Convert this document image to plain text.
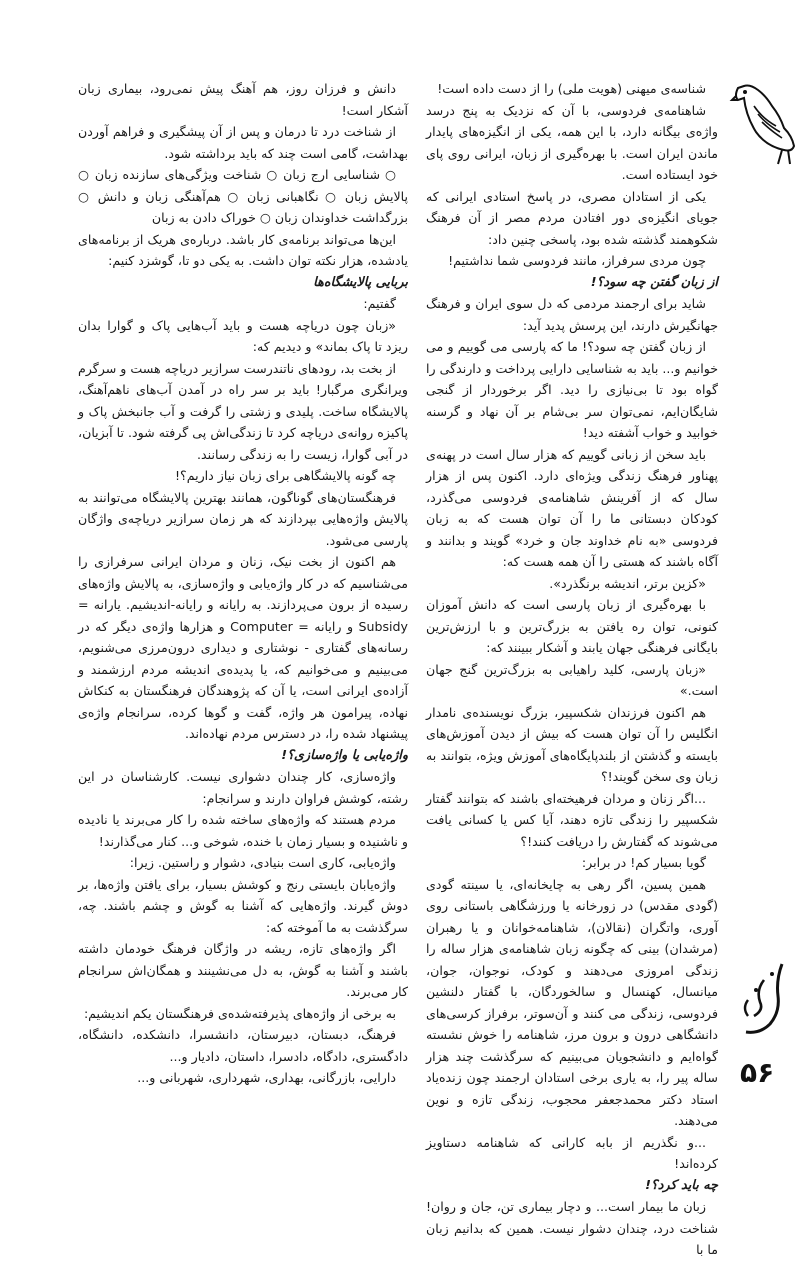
شناسه‌ی میهنی (هویت ملی) را از دست داده است!

شاهنامه‌ی فردوسی، با آن که نزدیک به پنج درسد واژه‌ی بیگانه دارد، با این همه، یکی از انگیزه‌های پایدار ماندن ایران است. با بهره‌گیری از زبان، ایرانی روی پای خود ایستاده است.

یکی از استادان مصری، در پاسخ استادی ایرانی که جویای انگیزه‌ی دور افتادن مردم مصر از آن فرهنگ شکوهمند گذشته شده بود، پاسخی چنین داد:

چون مردی سرفراز، مانند فردوسی شما نداشتیم!

از زبان گفتن چه سود؟!

شاید برای ارجمند مردمی که دل سوی ایران و فرهنگ جهانگیرش دارند، این پرسش پدید آید:

از زبان گفتن چه سود؟! ما که پارسی می گوییم و می خوانیم و... باید به شناسایی دارایی پرداخت و دارندگی را گواه بود تا بی‌نیازی را دید. اگر برخوردار از گنجی شایگان‌ایم، نمی‌توان سر بی‌شام بر آن نهاد و گرسنه خوابید و خواب آشفته دید!

باید سخن از زبانی گوییم که هزار سال است در پهنه‌ی پهناور فرهنگ زندگی ویژه‌ای دارد. اکنون پس از هزار سال که از آفرینش شاهنامه‌ی فردوسی می‌گذرد، کودکان دبستانی ما را آن توان هست که به زبان فردوسی «به نام خداوند جان و خرد» گویند و بدانند و آگاه باشند که هستی را آن همه هست که:

«کزین برتر، اندیشه برنگذرد».

با بهره‌گیری از زبان پارسی است که دانش آموزان کنونی، توان ره یافتن به بزرگ‌ترین و با ارزش‌ترین بایگانی فرهنگی جهان یابند و آشکار ببینند که:

«زبان پارسی، کلید راهیابی به بزرگ‌ترین گنج جهان است.»

هم اکنون فرزندان شکسپیر، بزرگ نویسنده‌ی نامدار انگلیس را آن توان هست که بیش از دیدن آموزش‌های بایسته و گذشتن از بلندپایگاه‌های آموزش ویژه، بتوانند به زبان وی سخن گویند!؟

...اگر زنان و مردان فرهیخته‌ای باشند که بتوانند گفتار شکسپیر را زندگی تازه دهند، آیا کس یا کسانی یافت می‌شوند که گفتارش را دریافت کنند!؟

گویا بسیار کم! در برابر:

همین پسین، اگر رهی به چایخانه‌ای، یا سینته گودی (گودی مقدس) در زورخانه یا ورزشگاهی باستانی روی آوری، واتگران (نقالان)، شاهنامه‌خوانان و یا رهبران (مرشدان) بینی که چگونه زبان شاهنامه‌ی هزار ساله را زندگی امروزی می‌دهند و کودک، نوجوان، جوان، میانسال، کهنسال و سالخوردگان، با گفتار دلنشین فردوسی، زندگی می کنند و آن‌سوتر، برفراز کرسی‌های دانشگاهی درون و برون مرز، شاهنامه را خوش نشسته گواه‌ایم و دانشجویان می‌بینیم که سرگذشت چند هزار ساله پیر را، به یاری برخی استادان ارجمند چون زنده‌یاد استاد دکتر محمدجعفر محجوب، زندگی تازه و نوین می‌دهند.

...و نگذریم از بابه کارانی که شاهنامه دستاویز کرده‌اند!

چه باید کرد؟!

زبان ما بیمار است... و دچار بیماری تن، جان و روان! شناخت درد، چندان دشوار نیست. همین که بدانیم زبان ما با

دانش و فرزان روز، هم آهنگ پیش نمی‌رود، بیماری زبان آشکار است!

از شناخت درد تا درمان و پس از آن پیشگیری و فراهم آوردن بهداشت، گامی است چند که باید برداشته شود.

○ شناسایی ارج زبان ○ شناخت ویژگی‌های سازنده زبان ○ پالایش زبان ○ نگاهبانی زبان ○ هم‌آهنگی زبان و دانش ○ بزرگداشت خداوندان زبان ○ خوراک دادن به زبان

این‌ها می‌تواند برنامه‌ی کار باشد. درباره‌ی هریک از برنامه‌های یادشده، هزار نکته توان داشت. به یکی دو تا، گوشزد کنیم:

بربایی پالایشگاه‌ها

گفتیم:

«زبان چون دریاچه هست و باید آب‌هایی پاک و گوارا بدان ریزد تا پاک بماند» و دیدیم که:

از بخت بد، رودهای ناتندرست سرازیر دریاچه هست و سرگرم ویرانگری مرگبار! باید بر سر راه در آمدن آب‌های ناهم‌آهنگ، پالایشگاه ساخت. پلیدی و زشتی را گرفت و آب جانبخش پاک و پاکیزه روانه‌ی دریاچه کرد تا زندگی‌اش پی گرفته شود. تا آبزیان، در آبی گوارا، زیست را به زندگی رسانند.

چه گونه پالایشگاهی برای زبان نیاز داریم؟!

فرهنگستان‌های گوناگون، همانند بهترین پالایشگاه می‌توانند به پالایش واژه‌هایی بپردازند که هر زمان سرازیر دریاچه‌ی واژگان پارسی می‌شود.

هم اکنون از بخت نیک، زنان و مردان ایرانی سرفرازی را می‌شناسیم که در کار واژه‌یابی و واژه‌سازی، به پالایش واژه‌های رسیده از برون می‌پردازند. به رایانه و رایانه-اندیشیم. یارانه = Subsidy و رایانه = Computer و هزارها واژه‌ی دیگر که در رسانه‌های گفتاری - نوشتاری و دیداری درون‌مرزی می‌شنویم، می‌بینیم و می‌خوانیم که، یا پدیده‌ی اندیشه مردم ارزشمند و آزاده‌ی ایرانی است، یا آن که پژوهندگان فرهنگستان به کنکاش نهاده، پیرامون هر واژه، گفت و گوها کرده، سرانجام واژه‌ی پیشنهاد شده را، در دسترس مردم نهاده‌اند.

واژه‌یابی یا واژه‌سازی؟!

واژه‌سازی، کار چندان دشواری نیست. کارشناسان در این رشته، کوشش فراوان دارند و سرانجام:

مردم هستند که واژه‌های ساخته شده را کار می‌برند یا نادیده و ناشنیده و بسیار زمان با خنده، شوخی و... کنار می‌گذارند!

واژه‌یابی، کاری است بنیادی، دشوار و راستین. زیرا:

واژه‌یابان بایستی رنج و کوشش بسیار، برای یافتن واژه‌ها، بر دوش گیرند. واژه‌هایی که آشنا به گوش و چشم باشند. چه، سرگذشت به ما آموخته که:

اگر واژه‌های تازه، ریشه در واژگان فرهنگ خودمان داشته باشند و آشنا به گوش، به دل می‌نشینند و همگان‌اش سرانجام کار می‌برند.

به برخی از واژه‌های پذیرفته‌شده‌ی فرهنگستان یکم اندیشیم:

فرهنگ، دبستان، دبیرستان، دانشسرا، دانشکده، دانشگاه، دادگستری، دادگاه، دادسرا، داستان، دادیار و...

دارایی، بازرگانی، بهداری، شهرداری، شهربانی و...	۵۶
